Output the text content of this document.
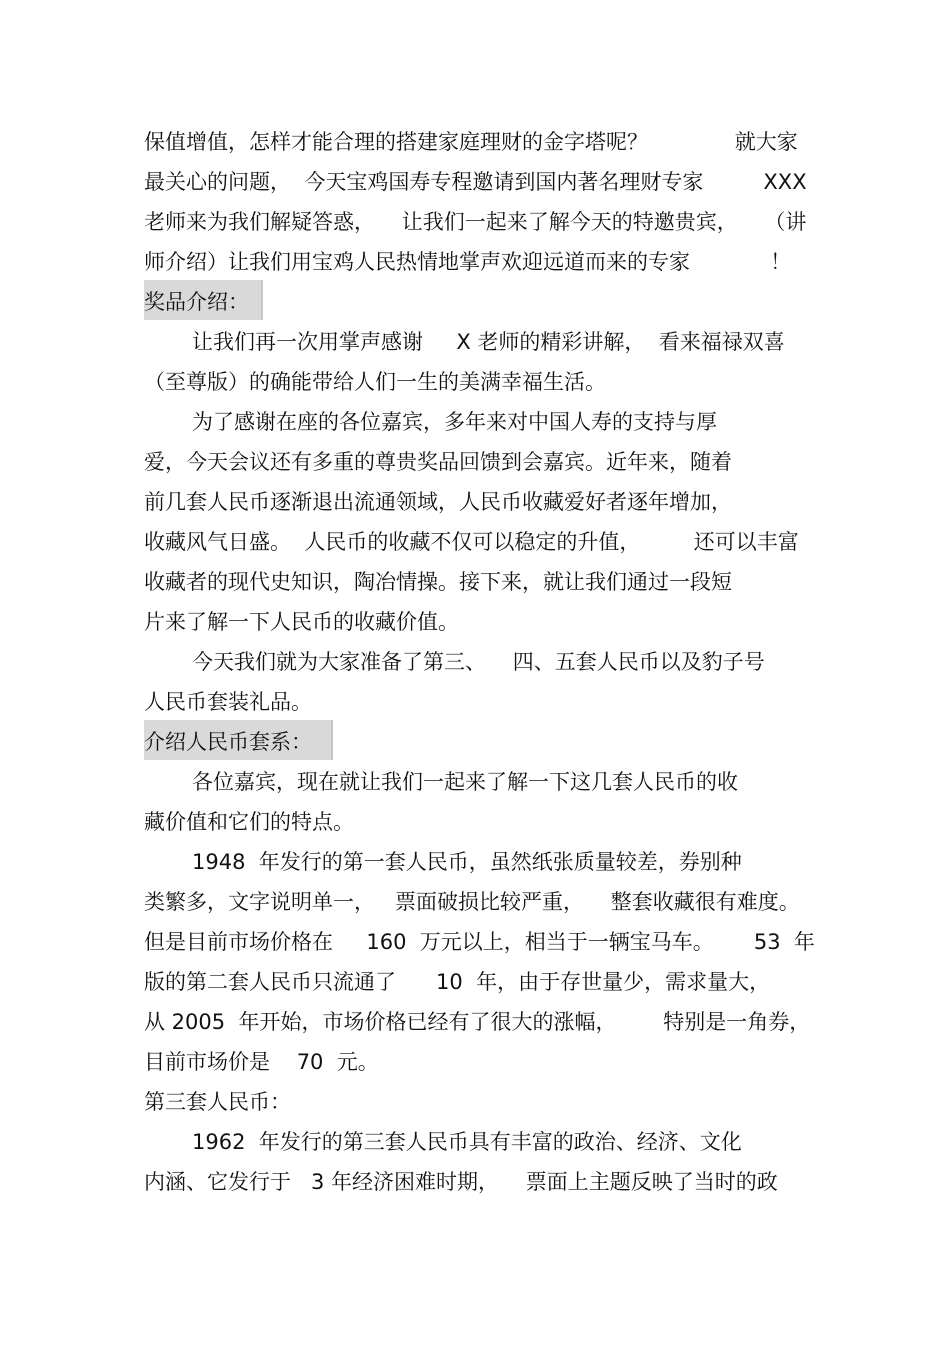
保值增值，怎样才能合理的搭建家庭理财的金字塔呢？             就大家
最关心的问题，  今天宝鸡国寿专程邀请到国内著名理财专家         XXX
老师来为我们解疑答惑，    让我们一起来了解今天的特邀贵宾，    （讲
师介绍）让我们用宝鸡人民热情地掌声欢迎远道而来的专家            ！
奖品介绍：
让我们再一次用掌声感谢     X 老师的精彩讲解，  看来福禄双喜
（至尊版）的确能带给人们一生的美满幸福生活。
为了感谢在座的各位嘉宾，多年来对中国人寿的支持与厚
爱，今天会议还有多重的尊贵奖品回馈到会嘉宾。近年来，随着
前几套人民币逐渐退出流通领域，人民币收藏爱好者逐年增加，
收藏风气日盛。  人民币的收藏不仅可以稳定的升值，        还可以丰富
收藏者的现代史知识，陶冶情操。接下来，就让我们通过一段短
片来了解一下人民币的收藏价值。
今天我们就为大家准备了第三、    四、五套人民币以及豹子号
人民币套装礼品。
介绍人民币套系：
各位嘉宾，现在就让我们一起来了解一下这几套人民币的收
藏价值和它们的特点。
1948  年发行的第一套人民币，虽然纸张质量较差，券别种
类繁多，文字说明单一，   票面破损比较严重，    整套收藏很有难度。
但是目前市场价格在     160  万元以上，相当于一辆宝马车。      53  年
版的第二套人民币只流通了      10  年，由于存世量少，需求量大，
从 2005  年开始，市场价格已经有了很大的涨幅，       特别是一角券，
目前市场价是    70  元。
第三套人民币：
1962  年发行的第三套人民币具有丰富的政治、经济、文化
内涵、它发行于   3 年经济困难时期，    票面上主题反映了当时的政
